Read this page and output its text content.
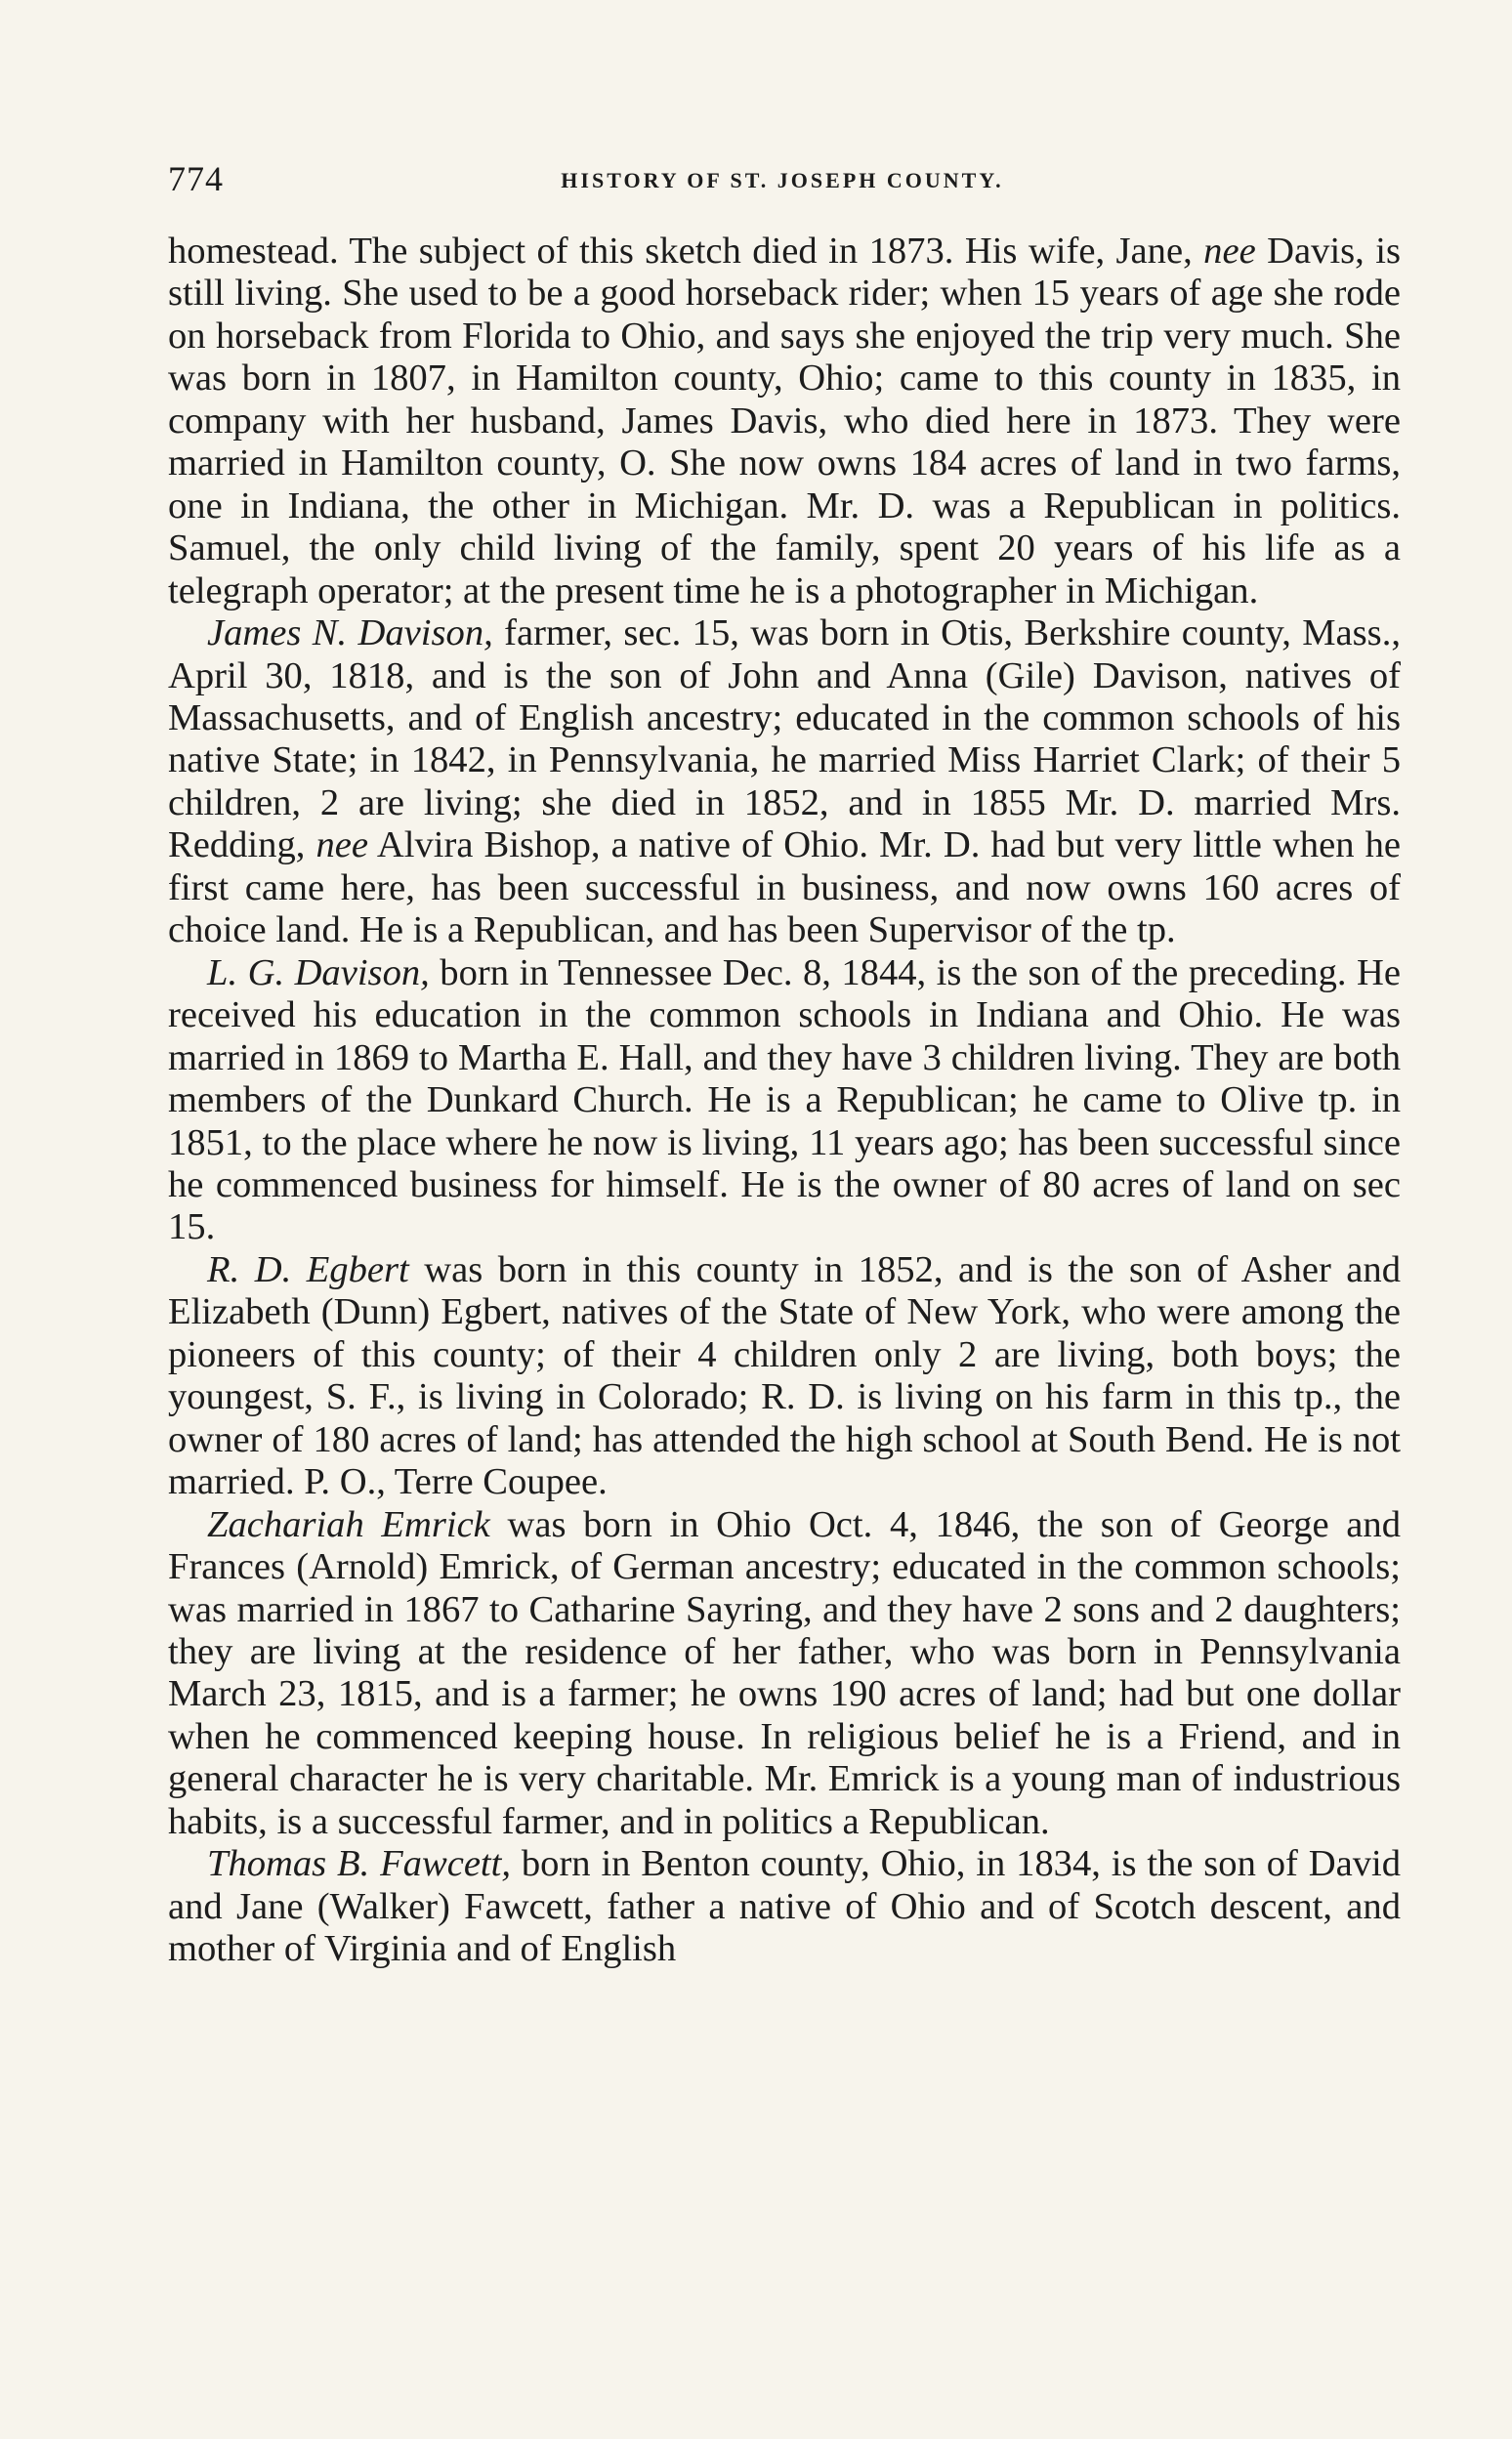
774	HISTORY OF ST. JOSEPH COUNTY.

homestead. The subject of this sketch died in 1873. His wife, Jane, nee Davis, is still living. She used to be a good horseback rider; when 15 years of age she rode on horseback from Florida to Ohio, and says she enjoyed the trip very much. She was born in 1807, in Hamilton county, Ohio; came to this county in 1835, in company with her husband, James Davis, who died here in 1873. They were married in Hamilton county, O. She now owns 184 acres of land in two farms, one in Indiana, the other in Michigan. Mr. D. was a Republican in politics. Samuel, the only child living of the family, spent 20 years of his life as a telegraph operator; at the present time he is a photographer in Michigan.

James N. Davison, farmer, sec. 15, was born in Otis, Berkshire county, Mass., April 30, 1818, and is the son of John and Anna (Gile) Davison, natives of Massachusetts, and of English ancestry; educated in the common schools of his native State; in 1842, in Pennsylvania, he married Miss Harriet Clark; of their 5 children, 2 are living; she died in 1852, and in 1855 Mr. D. married Mrs. Redding, nee Alvira Bishop, a native of Ohio. Mr. D. had but very little when he first came here, has been successful in business, and now owns 160 acres of choice land. He is a Republican, and has been Supervisor of the tp.

L. G. Davison, born in Tennessee Dec. 8, 1844, is the son of the preceding. He received his education in the common schools in Indiana and Ohio. He was married in 1869 to Martha E. Hall, and they have 3 children living. They are both members of the Dunkard Church. He is a Republican; he came to Olive tp. in 1851, to the place where he now is living, 11 years ago; has been successful since he commenced business for himself. He is the owner of 80 acres of land on sec 15.

R. D. Egbert was born in this county in 1852, and is the son of Asher and Elizabeth (Dunn) Egbert, natives of the State of New York, who were among the pioneers of this county; of their 4 children only 2 are living, both boys; the youngest, S. F., is living in Colorado; R. D. is living on his farm in this tp., the owner of 180 acres of land; has attended the high school at South Bend. He is not married. P. O., Terre Coupee.

Zachariah Emrick was born in Ohio Oct. 4, 1846, the son of George and Frances (Arnold) Emrick, of German ancestry; educated in the common schools; was married in 1867 to Catharine Sayring, and they have 2 sons and 2 daughters; they are living at the residence of her father, who was born in Pennsylvania March 23, 1815, and is a farmer; he owns 190 acres of land; had but one dollar when he commenced keeping house. In religious belief he is a Friend, and in general character he is very charitable. Mr. Emrick is a young man of industrious habits, is a successful farmer, and in politics a Republican.

Thomas B. Fawcett, born in Benton county, Ohio, in 1834, is the son of David and Jane (Walker) Fawcett, father a native of Ohio and of Scotch descent, and mother of Virginia and of English
